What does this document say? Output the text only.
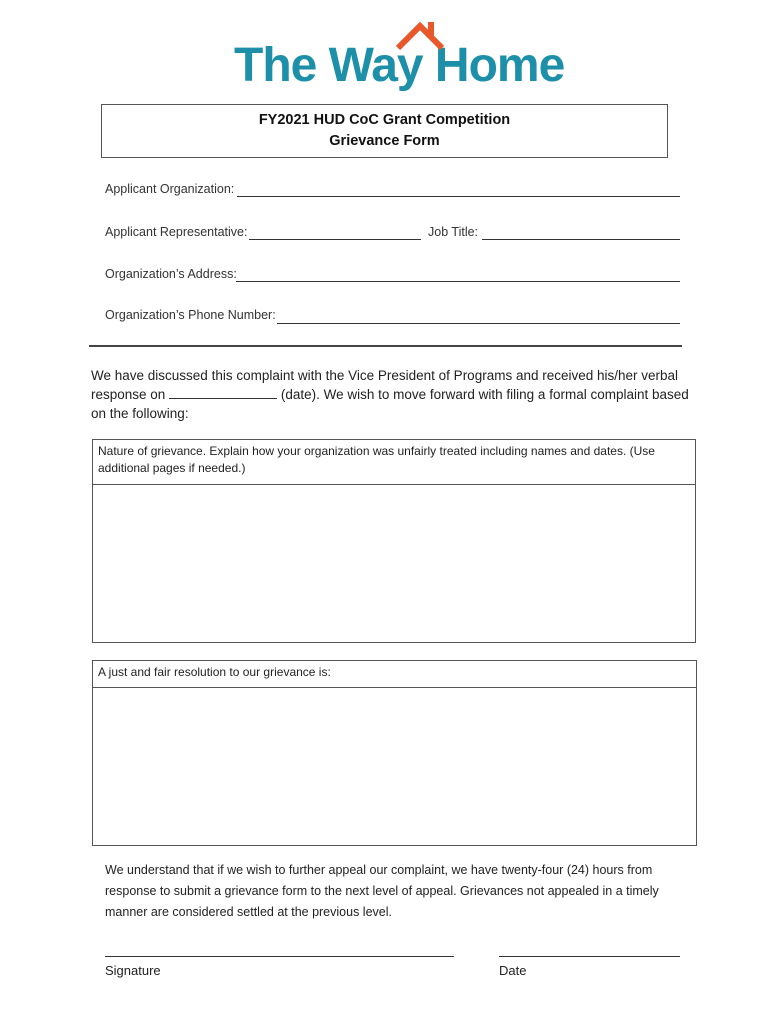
The Way Home
FY2021 HUD CoC Grant Competition
Grievance Form
Applicant Organization:
Applicant Representative:	Job Title:
Organization’s Address:
Organization’s Phone Number:
We have discussed this complaint with the Vice President of Programs and received his/her verbal response on	(date). We wish to move forward with filing a formal complaint based on the following:
Nature of grievance. Explain how your organization was unfairly treated including names and dates. (Use additional pages if needed.)
A just and fair resolution to our grievance is:
We understand that if we wish to further appeal our complaint, we have twenty-four (24) hours from response to submit a grievance form to the next level of appeal. Grievances not appealed in a timely manner are considered settled at the previous level.
Signature	Date
